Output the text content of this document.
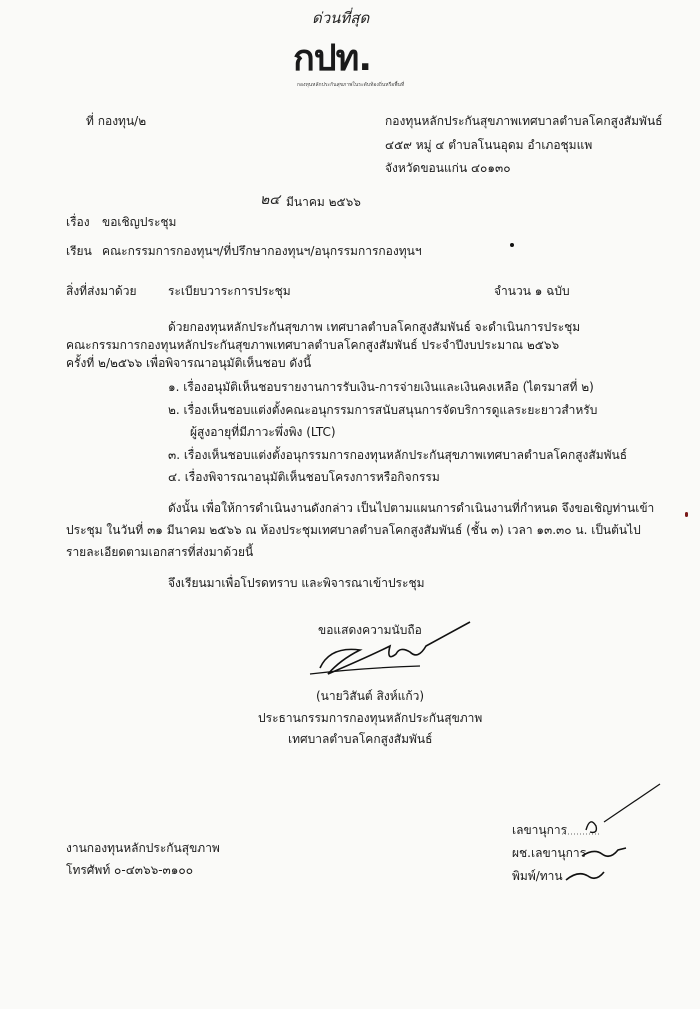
ด่วนที่สุด
กปท.
กองทุนหลักประกันสุขภาพในระดับท้องถิ่นหรือพื้นที่
ที่ กองทุน/๒	กองทุนหลักประกันสุขภาพเทศบาลตำบลโคกสูงสัมพันธ์
๔๕๙ หมู่ ๔ ตำบลโนนอุดม อำเภอชุมแพ
จังหวัดขอนแก่น ๔๐๑๓๐
๒๔ มีนาคม ๒๕๖๖
เรื่อง ขอเชิญประชุม
เรียน คณะกรรมการกองทุนฯ/ที่ปรึกษากองทุนฯ/อนุกรรมการกองทุนฯ
สิ่งที่ส่งมาด้วย	ระเบียบวาระการประชุม	จำนวน ๑ ฉบับ
ด้วยกองทุนหลักประกันสุขภาพ เทศบาลตำบลโคกสูงสัมพันธ์ จะดำเนินการประชุม
คณะกรรมการกองทุนหลักประกันสุขภาพเทศบาลตำบลโคกสูงสัมพันธ์ ประจำปีงบประมาณ ๒๕๖๖
ครั้งที่ ๒/๒๕๖๖ เพื่อพิจารณาอนุมัติเห็นชอบ ดังนี้
๑. เรื่องอนุมัติเห็นชอบรายงานการรับเงิน-การจ่ายเงินและเงินคงเหลือ (ไตรมาสที่ ๒)
๒. เรื่องเห็นชอบแต่งตั้งคณะอนุกรรมการสนับสนุนการจัดบริการดูแลระยะยาวสำหรับ
ผู้สูงอายุที่มีภาวะพึ่งพิง (LTC)
๓. เรื่องเห็นชอบแต่งตั้งอนุกรรมการกองทุนหลักประกันสุขภาพเทศบาลตำบลโคกสูงสัมพันธ์
๔. เรื่องพิจารณาอนุมัติเห็นชอบโครงการหรือกิจกรรม
ดังนั้น เพื่อให้การดำเนินงานดังกล่าว เป็นไปตามแผนการดำเนินงานที่กำหนด จึงขอเชิญท่านเข้า
ประชุม ในวันที่ ๓๑ มีนาคม ๒๕๖๖ ณ ห้องประชุมเทศบาลตำบลโคกสูงสัมพันธ์ (ชั้น ๓) เวลา ๑๓.๓๐ น. เป็นต้นไป
รายละเอียดตามเอกสารที่ส่งมาด้วยนี้
จึงเรียนมาเพื่อโปรดทราบ และพิจารณาเข้าประชุม
ขอแสดงความนับถือ
(นายวิสันต์ สิงห์แก้ว)
ประธานกรรมการกองทุนหลักประกันสุขภาพ
เทศบาลตำบลโคกสูงสัมพันธ์
งานกองทุนหลักประกันสุขภาพ
โทรศัพท์ ๐-๔๓๖๖-๓๑๐๐
เลขานุการ
ผช.เลขานุการ
พิมพ์/ทาน
